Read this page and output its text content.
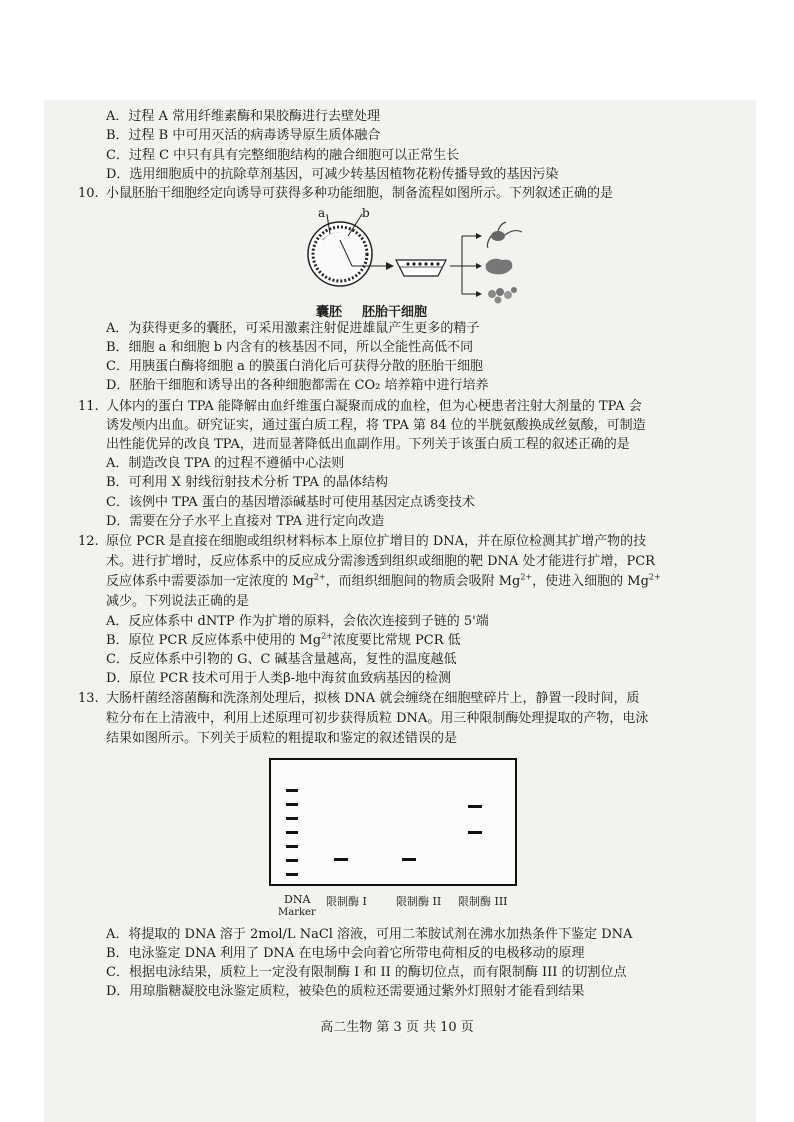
A．过程 A 常用纤维素酶和果胶酶进行去壁处理
B．过程 B 中可用灭活的病毒诱导原生质体融合
C．过程 C 中只有具有完整细胞结构的融合细胞可以正常生长
D．选用细胞质中的抗除草剂基因，可减少转基因植物花粉传播导致的基因污染
10. 小鼠胚胎干细胞经定向诱导可获得多种功能细胞，制备流程如图所示。下列叙述正确的是
a	b
囊胚 胚胎干细胞
A．为获得更多的囊胚，可采用激素注射促进雄鼠产生更多的精子
B．细胞 a 和细胞 b 内含有的核基因不同，所以全能性高低不同
C．用胰蛋白酶将细胞 a 的膜蛋白消化后可获得分散的胚胎干细胞
D．胚胎干细胞和诱导出的各种细胞都需在 CO₂ 培养箱中进行培养
11. 人体内的蛋白 TPA 能降解由血纤维蛋白凝聚而成的血栓，但为心梗患者注射大剂量的 TPA 会
诱发颅内出血。研究证实，通过蛋白质工程，将 TPA 第 84 位的半胱氨酸换成丝氨酸，可制造
出性能优异的改良 TPA，进而显著降低出血副作用。下列关于该蛋白质工程的叙述正确的是
A．制造改良 TPA 的过程不遵循中心法则
B．可利用 X 射线衍射技术分析 TPA 的晶体结构
C．该例中 TPA 蛋白的基因增添碱基时可使用基因定点诱变技术
D．需要在分子水平上直接对 TPA 进行定向改造
12. 原位 PCR 是直接在细胞或组织材料标本上原位扩增目的 DNA，并在原位检测其扩增产物的技
术。进行扩增时，反应体系中的反应成分需渗透到组织或细胞的靶 DNA 处才能进行扩增，PCR
反应体系中需要添加一定浓度的 $Mg^{2+}$，而组织细胞间的物质会吸附 $Mg^{2+}$，使进入细胞的 $Mg^{2+}$
减少。下列说法正确的是
A．反应体系中 dNTP 作为扩增的原料，会依次连接到子链的 5'端
B．原位 PCR 反应体系中使用的 $Mg^{2+}$浓度要比常规 PCR 低
C．反应体系中引物的 G、C 碱基含量越高，复性的温度越低
D．原位 PCR 技术可用于人类β-地中海贫血致病基因的检测
13. 大肠杆菌经溶菌酶和洗涤剂处理后，拟核 DNA 就会缠绕在细胞壁碎片上，静置一段时间，质
粒分布在上清液中，利用上述原理可初步获得质粒 DNA。用三种限制酶处理提取的产物，电泳
结果如图所示。下列关于质粒的粗提取和鉴定的叙述错误的是
DNA
Marker
限制酶 I	限制酶 II 限制酶 III
A．将提取的 DNA 溶于 2mol/L NaCl 溶液，可用二苯胺试剂在沸水加热条件下鉴定 DNA
B．电泳鉴定 DNA 利用了 DNA 在电场中会向着它所带电荷相反的电极移动的原理
C．根据电泳结果，质粒上一定没有限制酶 I 和 II 的酶切位点，而有限制酶 III 的切割位点
D．用琼脂糖凝胶电泳鉴定质粒，被染色的质粒还需要通过紫外灯照射才能看到结果
高二生物 第 3 页 共 10 页
